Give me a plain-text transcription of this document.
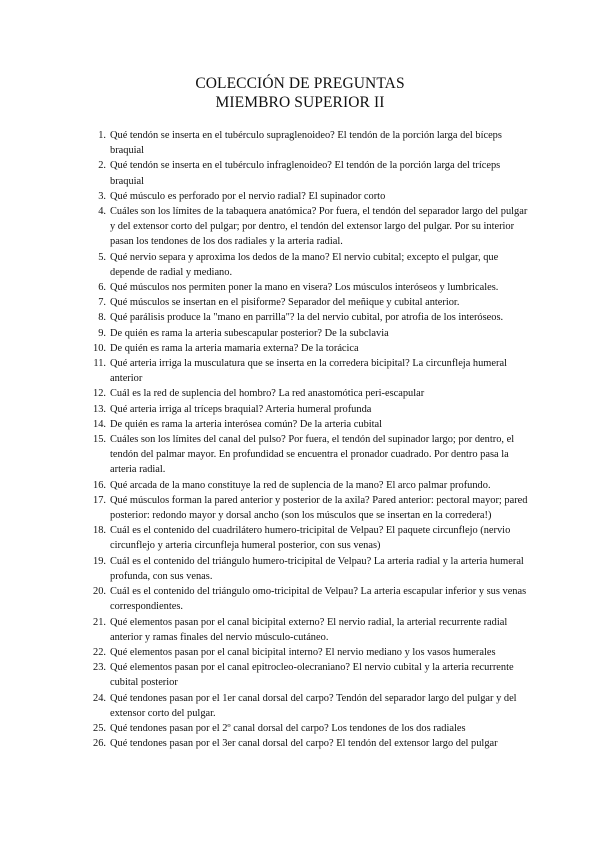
COLECCIÓN DE PREGUNTAS
MIEMBRO SUPERIOR II
1. Qué tendón se inserta en el tubérculo supraglenoideo? El tendón de la porción larga del bíceps braquial
2. Qué tendón se inserta en el tubérculo infraglenoideo? El tendón de la porción larga del tríceps braquial
3. Qué músculo es perforado por el nervio radial? El supinador corto
4. Cuáles son los límites de la tabaquera anatómica? Por fuera, el tendón del separador largo del pulgar y del extensor corto del pulgar; por dentro, el tendón del extensor largo del pulgar. Por su interior pasan los tendones de los dos radiales y la arteria radial.
5. Qué nervio separa y aproxima los dedos de la mano? El nervio cubital; excepto el pulgar, que depende de radial y mediano.
6. Qué músculos nos permiten poner la mano en visera? Los músculos interóseos y lumbricales.
7. Qué músculos se insertan en el pisiforme? Separador del meñique y cubital anterior.
8. Qué parálisis produce la "mano en parrilla"? la del nervio cubital, por atrofia de los interóseos.
9. De quién es rama la arteria subescapular posterior? De la subclavia
10. De quién es rama la arteria mamaria externa? De la torácica
11. Qué arteria irriga la musculatura que se inserta en la corredera bicipital? La circunfleja humeral anterior
12. Cuál es la red de suplencia del hombro? La red anastomótica peri-escapular
13. Qué arteria irriga al tríceps braquial? Arteria humeral profunda
14. De quién es rama la arteria interósea común? De la arteria cubital
15. Cuáles son los límites del canal del pulso? Por fuera, el tendón del supinador largo; por dentro, el tendón del palmar mayor. En profundidad se encuentra el pronador cuadrado. Por dentro pasa la arteria radial.
16. Qué arcada de la mano constituye la red de suplencia de la mano? El arco palmar profundo.
17. Qué músculos forman la pared anterior y posterior de la axila? Pared anterior: pectoral mayor; pared posterior: redondo mayor y dorsal ancho (son los músculos que se insertan en la corredera!)
18. Cuál es el contenido del cuadrilátero humero-tricipital de Velpau? El paquete circunflejo (nervio circunflejo y arteria circunfleja humeral posterior, con sus venas)
19. Cuál es el contenido del triángulo humero-tricipital de Velpau? La arteria radial y la arteria humeral profunda, con sus venas.
20. Cuál es el contenido del triángulo omo-tricipital de Velpau? La arteria escapular inferior y sus venas correspondientes.
21. Qué elementos pasan por el canal bicipital externo? El nervio radial, la arterial recurrente radial anterior y ramas finales del nervio músculo-cutáneo.
22. Qué elementos pasan por el canal bicipital interno? El nervio mediano y los vasos humerales
23. Qué elementos pasan por el canal epitrocleo-olecraniano? El nervio cubital y la arteria recurrente cubital posterior
24. Qué tendones pasan por el 1er canal dorsal del carpo? Tendón del separador largo del pulgar y del extensor corto del pulgar.
25. Qué tendones pasan por el 2º canal dorsal del carpo? Los tendones de los dos radiales
26. Qué tendones pasan por el 3er canal dorsal del carpo? El tendón del extensor largo del pulgar
